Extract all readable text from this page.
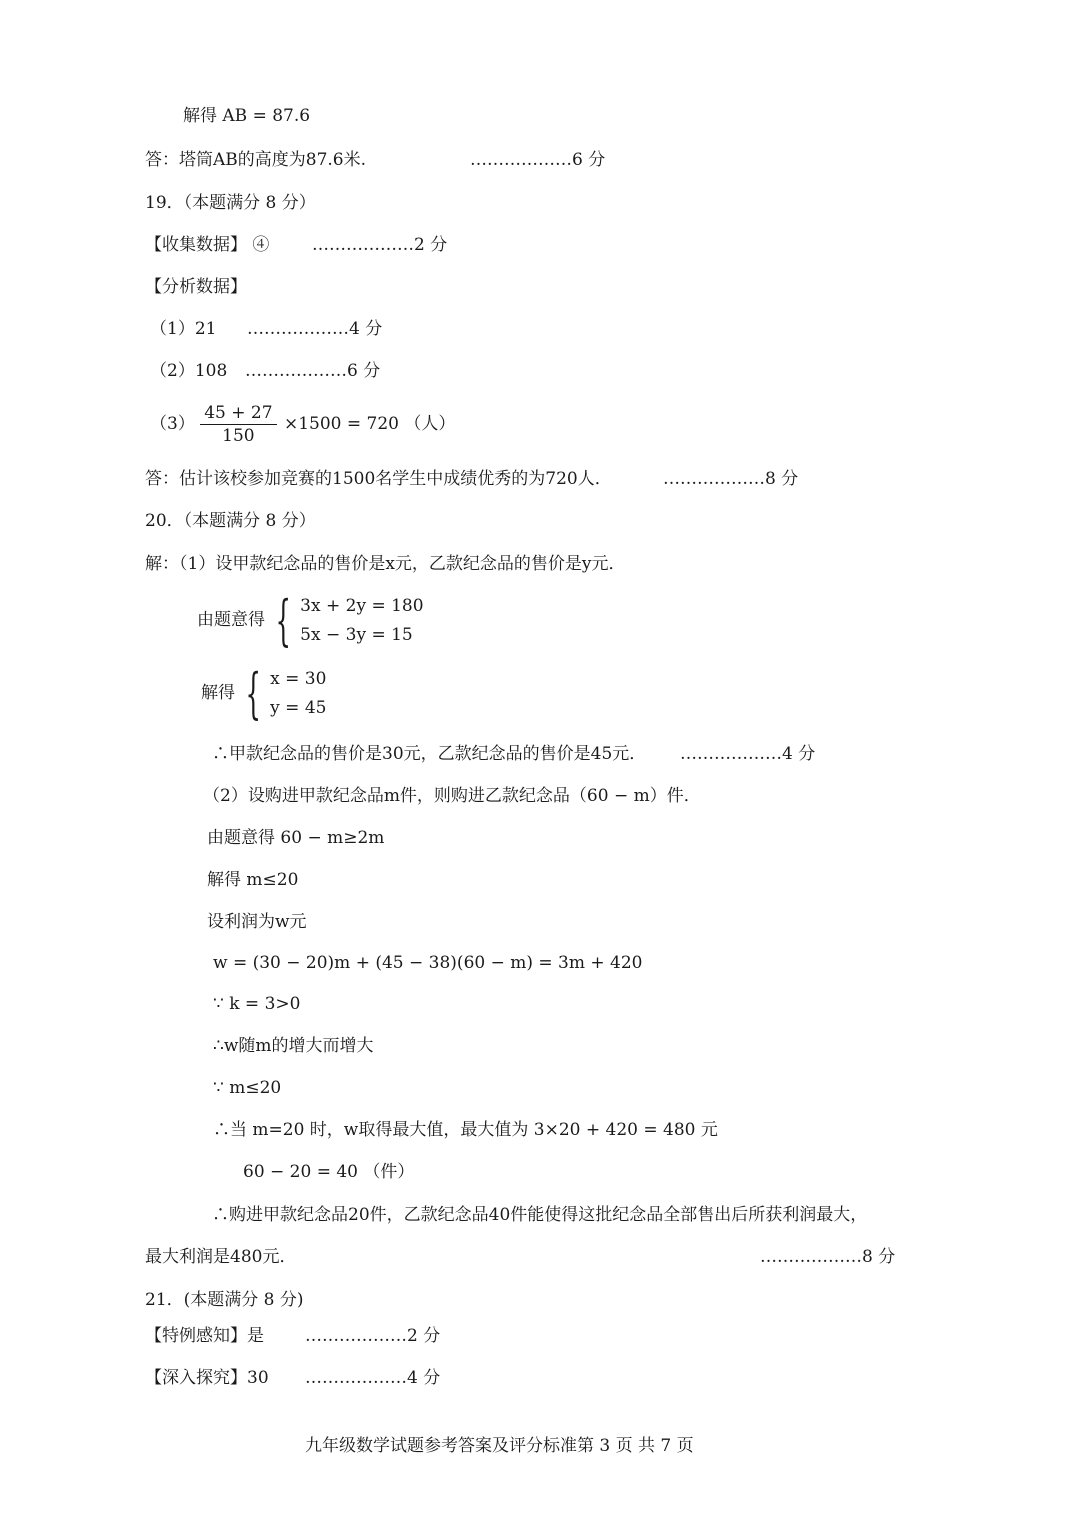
解得 AB = 87.6
答：塔筒AB的高度为87.6米.	………………6 分
19．（本题满分 8 分）
【收集数据】 ④	………………2 分
【分析数据】
（1）21 ………………4 分
（2）108 ………………6 分
$(3) \frac{45 + 27}{150} \times 1500 = 720$ （人）
答：估计该校参加竞赛的1500名学生中成绩优秀的为720人．	………………8 分
20．（本题满分 8 分）
解：（1）设甲款纪念品的售价是x元，乙款纪念品的售价是y元．
由题意得 { 3x + 2y = 180
5x − 3y = 15
解得 { x = 30
y = 45
∴甲款纪念品的售价是30元，乙款纪念品的售价是45元． ………………4 分
（2）设购进甲款纪念品m件，则购进乙款纪念品（60 − m）件．
由题意得 60 − m≥2m
解得 m≤20
设利润为w元
w = (30 − 20)m + (45 − 38)(60 − m) = 3m + 420
∵ k = 3>0
∴w随m的增大而增大
∵ m≤20
∴当 m=20 时，w取得最大值，最大值为 3×20 + 420 = 480 元
60 − 20 = 40 （件）
∴购进甲款纪念品20件，乙款纪念品40件能使得这批纪念品全部售出后所获利润最大，
最大利润是480元．	………………8 分
21．(本题满分 8 分)
【特例感知】是 ………………2 分
【深入探究】30 ………………4 分
九年级数学试题参考答案及评分标准第 3 页 共 7 页
